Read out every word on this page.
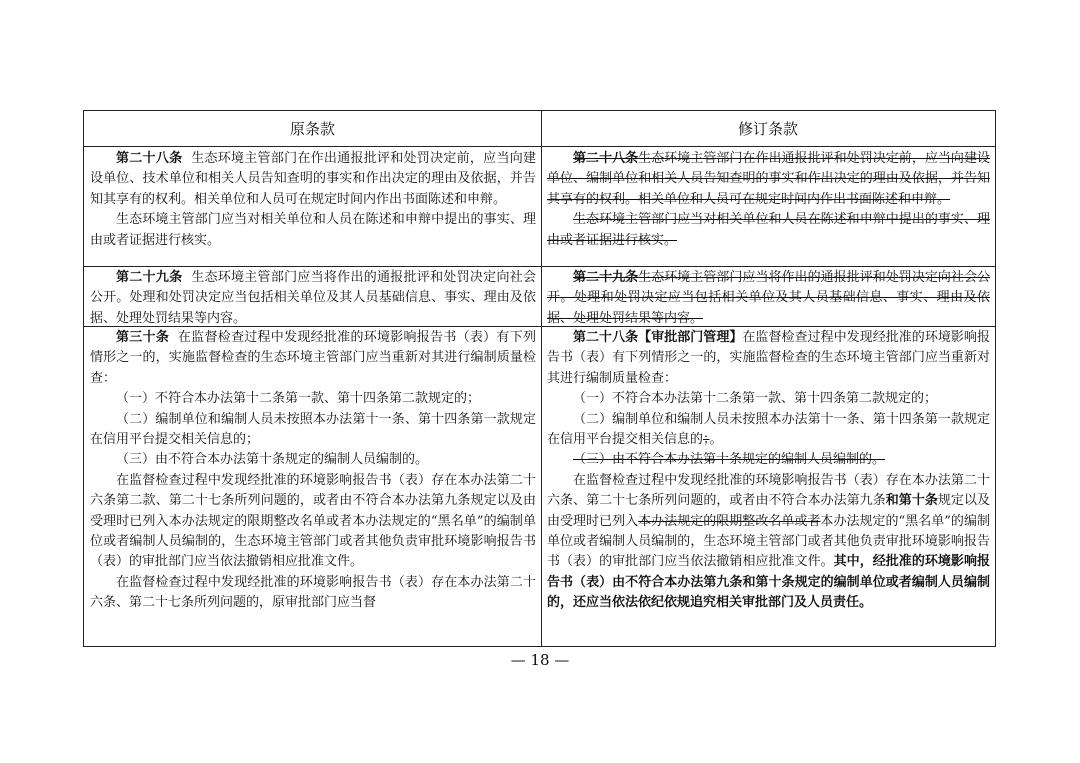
原条款	修订条款

第二十八条 生态环境主管部门在作出通报批评和处罚决定前，应当向建设单位、技术单位和相关人员告知查明的事实和作出决定的理由及依据，并告知其享有的权利。相关单位和人员可在规定时间内作出书面陈述和申辩。

生态环境主管部门应当对相关单位和人员在陈述和申辩中提出的事实、理由或者证据进行核实。

第二十八条生态环境主管部门在作出通报批评和处罚决定前，应当向建设单位、编制单位和相关人员告知查明的事实和作出决定的理由及依据，并告知其享有的权利。相关单位和人员可在规定时间内作出书面陈述和申辩。

生态环境主管部门应当对相关单位和人员在陈述和申辩中提出的事实、理由或者证据进行核实。

第二十九条 生态环境主管部门应当将作出的通报批评和处罚决定向社会公开。处理和处罚决定应当包括相关单位及其人员基础信息、事实、理由及依据、处理处罚结果等内容。

第二十九条生态环境主管部门应当将作出的通报批评和处罚决定向社会公开。处理和处罚决定应当包括相关单位及其人员基础信息、事实、理由及依据、处理处罚结果等内容。

第三十条 在监督检查过程中发现经批准的环境影响报告书（表）有下列情形之一的，实施监督检查的生态环境主管部门应当重新对其进行编制质量检查：

（一）不符合本办法第十二条第一款、第十四条第二款规定的；

（二）编制单位和编制人员未按照本办法第十一条、第十四条第一款规定在信用平台提交相关信息的；

（三）由不符合本办法第十条规定的编制人员编制的。

在监督检查过程中发现经批准的环境影响报告书（表）存在本办法第二十六条第二款、第二十七条所列问题的，或者由不符合本办法第九条规定以及由受理时已列入本办法规定的限期整改名单或者本办法规定的“黑名单”的编制单位或者编制人员编制的，生态环境主管部门或者其他负责审批环境影响报告书（表）的审批部门应当依法撤销相应批准文件。

在监督检查过程中发现经批准的环境影响报告书（表）存在本办法第二十六条、第二十七条所列问题的，原审批部门应当督

第二十八条【审批部门管理】在监督检查过程中发现经批准的环境影响报告书（表）有下列情形之一的，实施监督检查的生态环境主管部门应当重新对其进行编制质量检查：

（一）不符合本办法第十二条第一款、第十四条第二款规定的；

（二）编制单位和编制人员未按照本办法第十一条、第十四条第一款规定在信用平台提交相关信息的；。

（三）由不符合本办法第十条规定的编制人员编制的。

在监督检查过程中发现经批准的环境影响报告书（表）存在本办法第二十六条、第二十七条所列问题的，或者由不符合本办法第九条和第十条规定以及由受理时已列入本办法规定的限期整改名单或者本办法规定的“黑名单”的编制单位或者编制人员编制的，生态环境主管部门或者其他负责审批环境影响报告书（表）的审批部门应当依法撤销相应批准文件。其中，经批准的环境影响报告书（表）由不符合本办法第九条和第十条规定的编制单位或者编制人员编制的，还应当依法依纪依规追究相关审批部门及人员责任。

— 18 —
